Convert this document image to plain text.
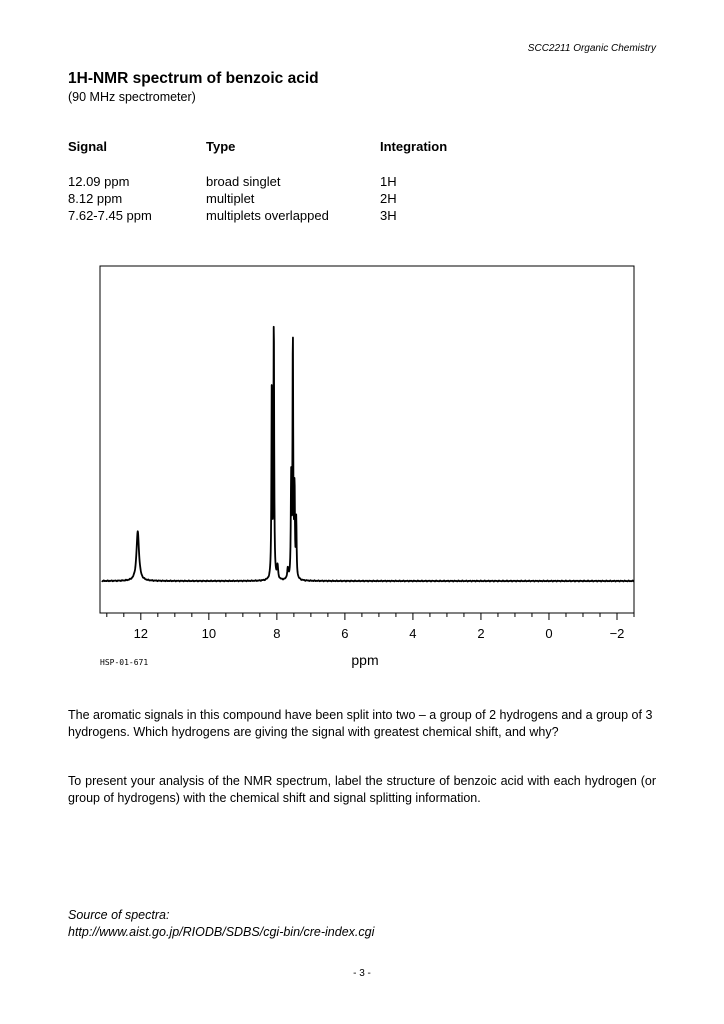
SCC2211 Organic Chemistry
1H-NMR spectrum of benzoic acid
(90 MHz spectrometer)
Signal	Type	Integration
12.09 ppm	broad singlet	1H
8.12 ppm	multiplet	2H
7.62-7.45 ppm	multiplets overlapped	3H
12	10	8	6	4	2	0	−2
ppm
HSP-01-671

The aromatic signals in this compound have been split into two – a group of 2 hydrogens and a group of 3 hydrogens. Which hydrogens are giving the signal with greatest chemical shift, and why?

To present your analysis of the NMR spectrum, label the structure of benzoic acid with each hydrogen (or group of hydrogens) with the chemical shift and signal splitting information.

Source of spectra:
http://www.aist.go.jp/RIODB/SDBS/cgi-bin/cre-index.cgi
- 3 -
